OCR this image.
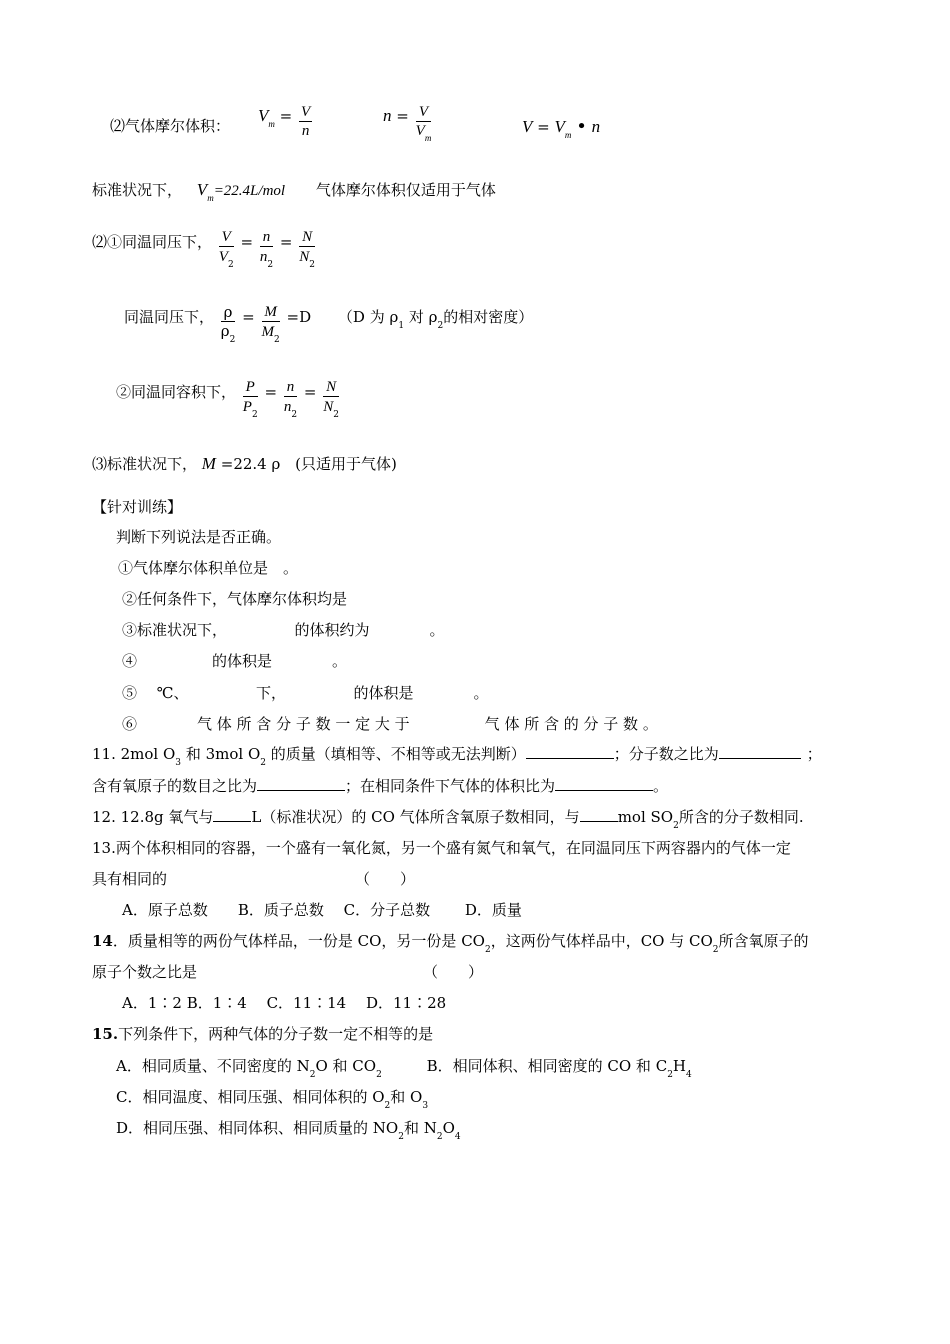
⑵气体摩尔体积：
$V_m = \frac{V}{n}$	$n = \frac{V}{V_m}$	$V = V_m$ • n
标准状况下， $V_m=22.4L$/mol 气体摩尔体积仅适用于气体
⑵①同温同压下， $\frac{V}{V_2} = \frac{n}{n_2} = \frac{N}{N_2}$
同温同压下， $\frac{\rho}{\rho_2} = \frac{M}{M_2} =D$ （D 为 $\rho_1$ 对 $\rho_2$的相对密度）
②同温同容积下， $\frac{P}{P_2} = \frac{n}{n_2} = \frac{N}{N_2}$
⑶标准状况下， M =22.4 ρ (只适用于气体)
【针对训练】
判断下列说法是否正确。
①气体摩尔体积单位是　。
②任何条件下，气体摩尔体积均是
③标准状况下，　　　　　的体积约为　　　　。
④　　　　　的体积是　　　　。
⑤　 ℃、　　　　　下，　　　　　的体积是　　　　。
⑥　　　　气 体 所 含 分 子 数 一 定 大 于　　　　　气 体 所 含 的 分 子 数 。
11. 2mol $O_3$ 和 3mol $O_2$ 的质量（填相等、不相等或无法判断）	；分子数之比为	；
含有氧原子的数目之比为	；在相同条件下气体的体积比为	。
12. 12.8g 氧气与	L（标准状况）的 CO 气体所含氧原子数相同，与	mol $SO_2$所含的分子数相同.
13.两个体积相同的容器，一个盛有一氧化氮，另一个盛有氮气和氧气，在同温同压下两容器内的气体一定
具有相同的	（　　）
A．原子总数　　B．质子总数　 C．分子总数　　 D．质量
14．质量相等的两份气体样品，一份是 CO，另一份是 $CO_2$，这两份气体样品中，CO 与 $CO_2$所含氧原子的
原子个数之比是	（　　）
A．1∶2 B．1∶4　 C．11∶14　 D．11∶28
15.下列条件下，两种气体的分子数一定不相等的是
A．相同质量、不同密度的 $N_2O$ 和 $CO_2$	B．相同体积、相同密度的 CO 和 $C_2H_4$
C．相同温度、相同压强、相同体积的 $O_2$和 $O_3$
D．相同压强、相同体积、相同质量的 $NO_2$和 $N_2O_4$
